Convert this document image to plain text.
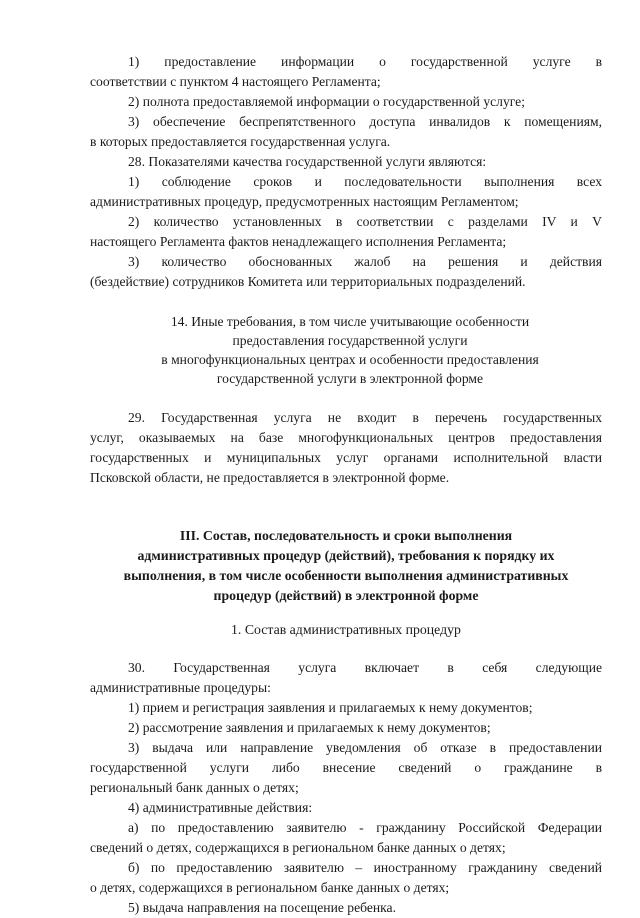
1) предоставление информации о государственной услуге в

соответствии с пунктом 4 настоящего Регламента;

2) полнота предоставляемой информации о государственной услуге;

3) обеспечение беспрепятственного доступа инвалидов к помещениям,

в которых предоставляется государственная услуга.

28. Показателями качества государственной услуги являются:

1) соблюдение сроков и последовательности выполнения всех

административных процедур, предусмотренных настоящим Регламентом;

2) количество установленных в соответствии с разделами IV и V

настоящего Регламента фактов ненадлежащего исполнения Регламента;

3) количество обоснованных жалоб на решения и действия

(бездействие) сотрудников Комитета или территориальных подразделений.

14. Иные требования, в том числе учитывающие особенности
предоставления государственной услуги
в многофункциональных центрах и особенности предоставления
государственной услуги в электронной форме

29. Государственная услуга не входит в перечень государственных

услуг, оказываемых на базе многофункциональных центров предоставления

государственных и муниципальных услуг органами исполнительной власти

Псковской области, не предоставляется в электронной форме.

III. Состав, последовательность и сроки выполнения
административных процедур (действий), требования к порядку их
выполнения, в том числе особенности выполнения административных
процедур (действий) в электронной форме
1. Состав административных процедур

30. Государственная услуга включает в себя следующие

административные процедуры:

1) прием и регистрация заявления и прилагаемых к нему документов;

2) рассмотрение заявления и прилагаемых к нему документов;

3) выдача или направление уведомления об отказе в предоставлении

государственной услуги либо внесение сведений о гражданине в

региональный банк данных о детях;

4) административные действия:

а) по предоставлению заявителю - гражданину Российской Федерации

сведений о детях, содержащихся в региональном банке данных о детях;

б) по предоставлению заявителю – иностранному гражданину сведений

о детях, содержащихся в региональном банке данных о детях;

5) выдача направления на посещение ребенка.
